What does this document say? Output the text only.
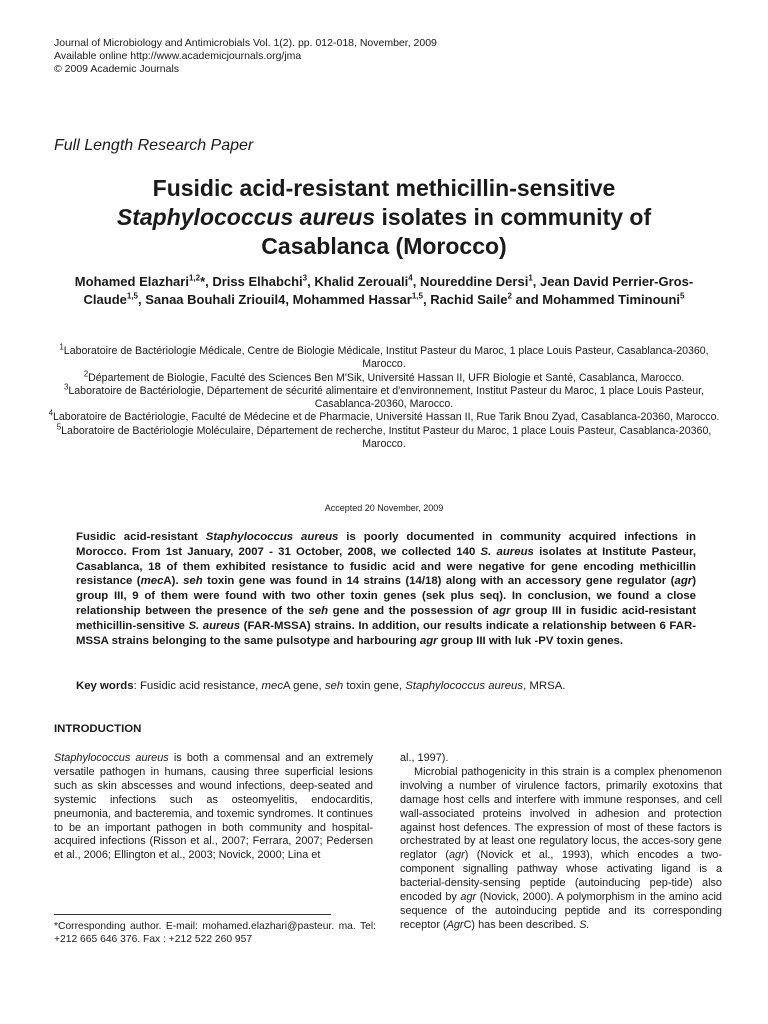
Journal of Microbiology and Antimicrobials Vol. 1(2). pp. 012-018, November, 2009
Available online http://www.academicjournals.org/jma
© 2009 Academic Journals
Full Length Research Paper
Fusidic acid-resistant methicillin-sensitive
Staphylococcus aureus isolates in community of
Casablanca (Morocco)
Mohamed Elazhari$^{1,2}$*, Driss Elhabchi$^3$, Khalid Zerouali$^4$, Noureddine Dersi$^1$, Jean David Perrier-Gros-Claude$^{1,5}$, Sanaa Bouhali Zriouil4, Mohammed Hassar$^{1,5}$, Rachid Saile$^2$ and Mohammed Timinouni$^5$

$^1$Laboratoire de Bactériologie Médicale, Centre de Biologie Médicale, Institut Pasteur du Maroc, 1 place Louis Pasteur, Casablanca-20360, Marocco.

$^2$Département de Biologie, Faculté des Sciences Ben M'Sik, Université Hassan II, UFR Biologie et Santé, Casablanca, Marocco.

$^3$Laboratoire de Bactériologie, Département de sécurité alimentaire et d'environnement, Institut Pasteur du Maroc, 1 place Louis Pasteur, Casablanca-20360, Marocco.

$^4$Laboratoire de Bactériologie, Faculté de Médecine et de Pharmacie, Université Hassan II, Rue Tarik Bnou Zyad, Casablanca-20360, Marocco.

$^5$Laboratoire de Bactériologie Moléculaire, Département de recherche, Institut Pasteur du Maroc, 1 place Louis Pasteur, Casablanca-20360, Marocco.

Accepted 20 November, 2009
Fusidic acid-resistant Staphylococcus aureus is poorly documented in community acquired infections in Morocco. From 1st January, 2007 - 31 October, 2008, we collected 140 S. aureus isolates at Institute Pasteur, Casablanca, 18 of them exhibited resistance to fusidic acid and were negative for gene encoding methicillin resistance (mecA). seh toxin gene was found in 14 strains (14/18) along with an accessory gene regulator (agr) group III, 9 of them were found with two other toxin genes (sek plus seq). In conclusion, we found a close relationship between the presence of the seh gene and the possession of agr group III in fusidic acid-resistant methicillin-sensitive S. aureus (FAR-MSSA) strains. In addition, our results indicate a relationship between 6 FAR-MSSA strains belonging to the same pulsotype and harbouring agr group III with luk -PV toxin genes.
Key words: Fusidic acid resistance, mecA gene, seh toxin gene, Staphylococcus aureus, MRSA.
INTRODUCTION

Staphylococcus aureus is both a commensal and an extremely versatile pathogen in humans, causing three superficial lesions such as skin abscesses and wound infections, deep-seated and systemic infections such as osteomyelitis, endocarditis, pneumonia, and bacteremia, and toxemic syndromes. It continues to be an important pathogen in both community and hospital-acquired infections (Risson et al., 2007; Ferrara, 2007; Pedersen et al., 2006; Ellington et al., 2003; Novick, 2000; Lina et

al., 1997).

Microbial pathogenicity in this strain is a complex phenomenon involving a number of virulence factors, primarily exotoxins that damage host cells and interfere with immune responses, and cell wall-associated proteins involved in adhesion and protection against host defences. The expression of most of these factors is orchestrated by at least one regulatory locus, the acces-sory gene reglator (agr) (Novick et al., 1993), which encodes a two-component signalling pathway whose activating ligand is a bacterial-density-sensing peptide (autoinducing pep-tide) also encoded by agr (Novick, 2000). A polymorphism in the amino acid sequence of the autoinducing peptide and its corresponding receptor (AgrC) has been described. S.

*Corresponding author. E-mail: mohamed.elazhari@pasteur. ma. Tel: +212 665 646 376. Fax : +212 522 260 957
